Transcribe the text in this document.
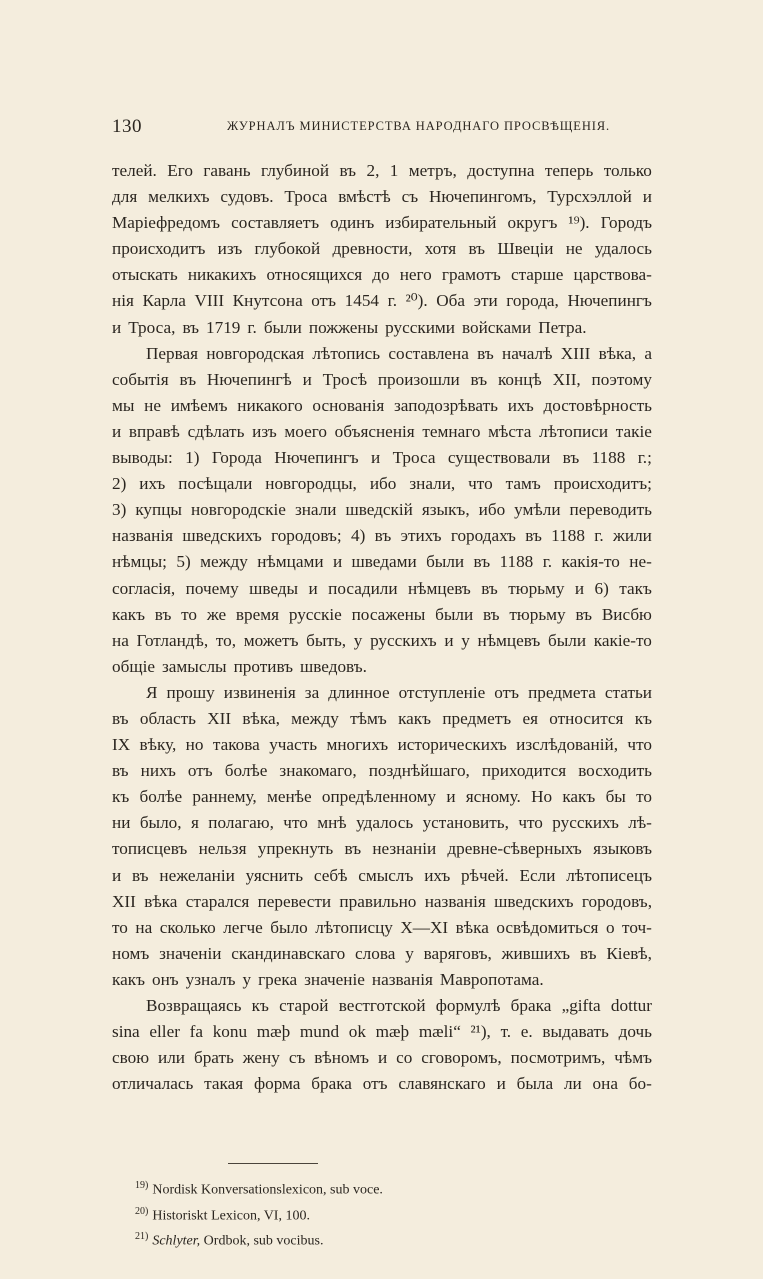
130	ЖУРНАЛЪ МИНИСТЕРСТВА НАРОДНАГО ПРОСВѢЩЕНIЯ.
телей. Его гавань глубиной въ 2, 1 метръ, доступна теперь только
для мелкихъ судовъ. Троса вмѣстѣ съ Нючепингомъ, Турсхэллой и
Маріефредомъ составляетъ одинъ избирательный округъ ¹⁹). Городъ
происходитъ изъ глубокой древности, хотя въ Швеціи не удалось
отыскать никакихъ относящихся до него грамотъ старше царствова-
нія Карла VIII Кнутсона отъ 1454 г. ²⁰). Оба эти города, Нючепингъ
и Троса, въ 1719 г. были пожжены русскими войсками Петра.
Первая новгородская лѣтопись составлена въ началѣ XIII вѣка, а
событія въ Нючепингѣ и Тросѣ произошли въ концѣ XII, поэтому
мы не имѣемъ никакого основанія заподозрѣвать ихъ достовѣрность
и вправѣ сдѣлать изъ моего объясненія темнаго мѣста лѣтописи такіе
выводы: 1) Города Нючепингъ и Троса существовали въ 1188 г.;
2) ихъ посѣщали новгородцы, ибо знали, что тамъ происходитъ;
3) купцы новгородскіе знали шведскій языкъ, ибо умѣли переводить
названія шведскихъ городовъ; 4) въ этихъ городахъ въ 1188 г. жили
нѣмцы; 5) между нѣмцами и шведами были въ 1188 г. какія-то не-
согласія, почему шведы и посадили нѣмцевъ въ тюрьму и 6) такъ
какъ въ то же время русскіе посажены были въ тюрьму въ Висбю
на Готландѣ, то, можетъ быть, у русскихъ и у нѣмцевъ были какіе-то
общіе замыслы противъ шведовъ.
Я прошу извиненія за длинное отступленіе отъ предмета статьи
въ область XII вѣка, между тѣмъ какъ предметъ ея относится къ
IX вѣку, но такова участь многихъ историческихъ изслѣдованій, что
въ нихъ отъ болѣе знакомаго, позднѣйшаго, приходится восходить
къ болѣе раннему, менѣе опредѣленному и ясному. Но какъ бы то
ни было, я полагаю, что мнѣ удалось установить, что русскихъ лѣ-
тописцевъ нельзя упрекнуть въ незнаніи древне-сѣверныхъ языковъ
и въ нежеланіи уяснить себѣ смыслъ ихъ рѣчей. Если лѣтописецъ
XII вѣка старался перевести правильно названія шведскихъ городовъ,
то на сколько легче было лѣтописцу X—XI вѣка освѣдомиться о точ-
номъ значеніи скандинавскаго слова у варяговъ, жившихъ въ Кіевѣ,
какъ онъ узналъ у грека значеніе названія Мавропотама.
Возвращаясь къ старой вестготской формулѣ брака „gifta dottur
sina eller fa konu mæþ mund ok mæþ mæli“ ²¹), т. е. выдавать дочь
свою или брать жену съ вѣномъ и со сговоромъ, посмотримъ, чѣмъ
отличалась такая форма брака отъ славянскаго и была ли она бо-
$^{19)}$ Nordisk Konversationslexicon, sub voce.
$^{20)}$ Historiskt Lexicon, VI, 100.
$^{21)}$ Schlyter, Ordbok, sub vocibus.
